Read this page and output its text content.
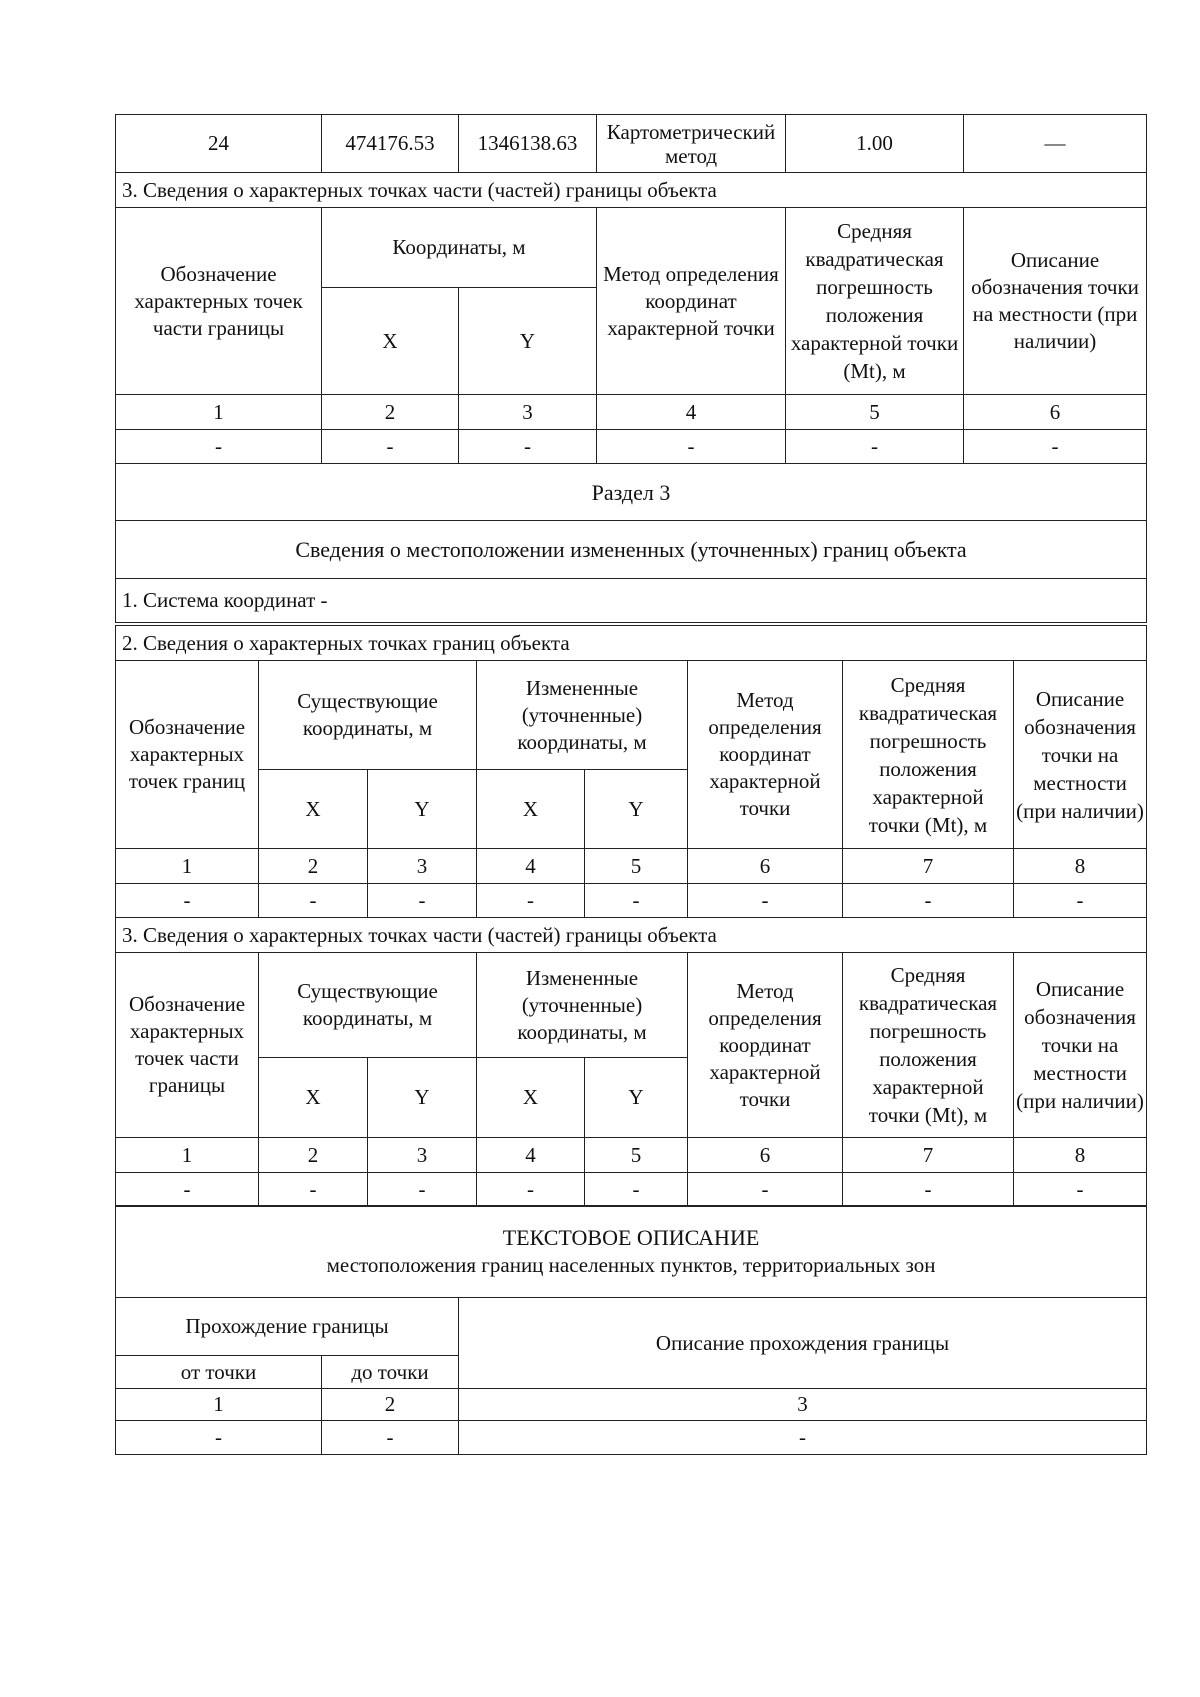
24	474176.53	1346138.63	Картометрический метод	1.00	—
3. Сведения о характерных точках части (частей) границы объекта					
Обозначение характерных точек части границы	Координаты, м		Метод определения координат характерной точки	Средняя квадратическая погрешность положения характерной точки (Mt), м	Описание обозначения точки на местности (при наличии)
	X	Y			
1	2	3	4	5	6
-	-	-	-	-	-
Раздел 3					
Сведения о местоположении измененных (уточненных) границ объекта					
1. Система координат -					
2. Сведения о характерных точках границ объекта							
Обозначение характерных точек границ	Существующие координаты, м		Измененные (уточненные) координаты, м		Метод определения координат характерной точки	Средняя квадратическая погрешность положения характерной точки (Mt), м	Описание обозначения точки на местности (при наличии)
	X	Y	X	Y			
1	2	3	4	5	6	7	8
-	-	-	-	-	-	-	-
3. Сведения о характерных точках части (частей) границы объекта							
Обозначение характерных точек части границы	Существующие координаты, м		Измененные (уточненные) координаты, м		Метод определения координат характерной точки	Средняя квадратическая погрешность положения характерной точки (Mt), м	Описание обозначения точки на местности (при наличии)
	X	Y	X	Y			
1	2	3	4	5	6	7	8
-	-	-	-	-	-	-	-
ТЕКСТОВОЕ ОПИСАНИЕ
местоположения границ населенных пунктов, территориальных зон		

Прохождение границы		Описание прохождения границы
от точки	до точки	
1	2	3
-	-	-
